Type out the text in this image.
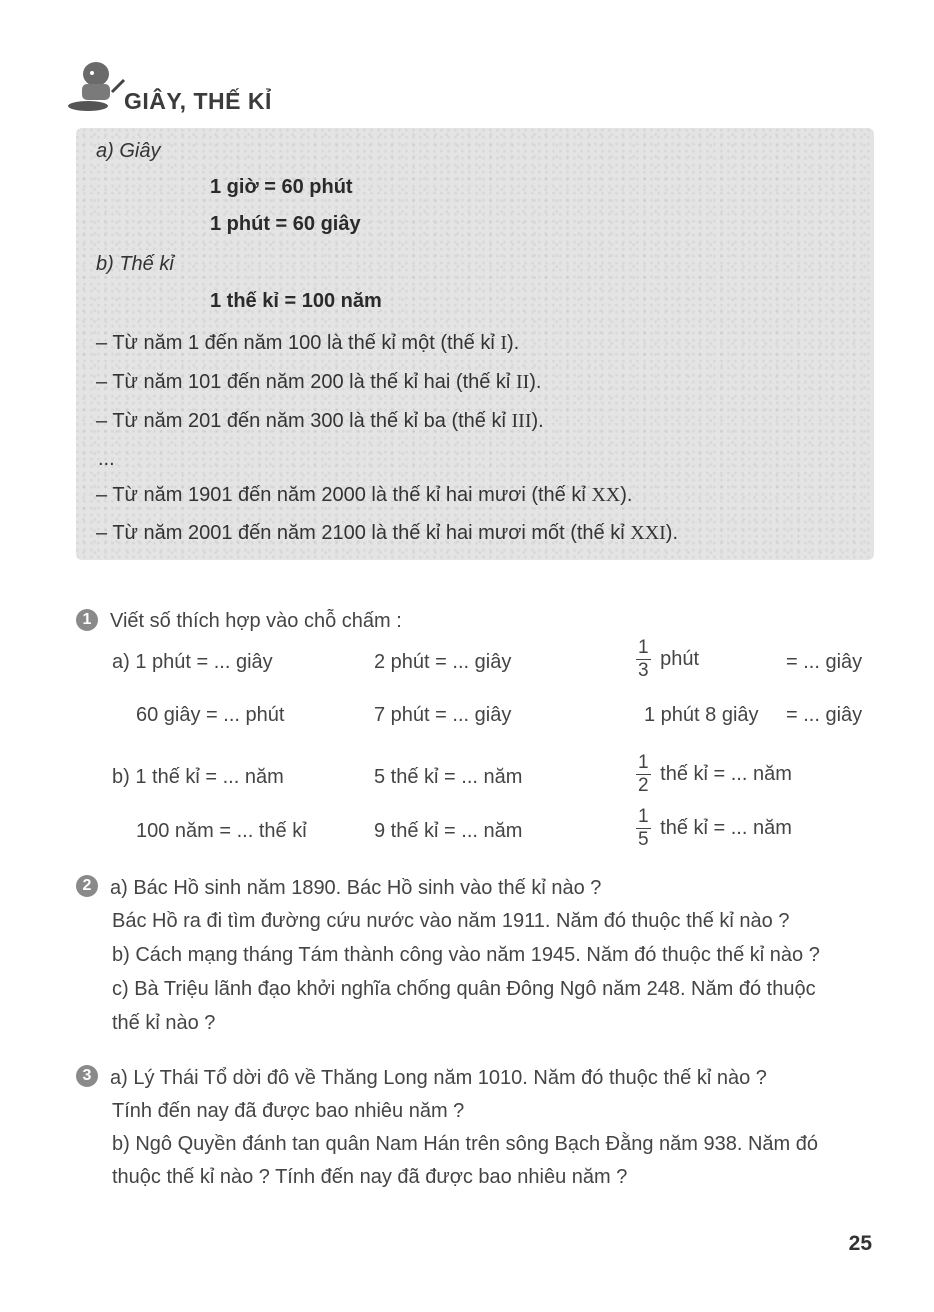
GIÂY, THẾ KỈ
a) Giây
1 giờ = 60 phút
1 phút = 60 giây
b) Thế kỉ
1 thế kỉ = 100 năm
– Từ năm 1 đến năm 100 là thế kỉ một (thế kỉ I).
– Từ năm 101 đến năm 200 là thế kỉ hai (thế kỉ II).
– Từ năm 201 đến năm 300 là thế kỉ ba (thế kỉ III).
...
– Từ năm 1901 đến năm 2000 là thế kỉ hai mươi (thế kỉ XX).
– Từ năm 2001 đến năm 2100 là thế kỉ hai mươi mốt (thế kỉ XXI).
1 Viết số thích hợp vào chỗ chấm :
a) 1 phút = ... giây	2 phút = ... giây	$\frac{1}{3}$ phút	= ... giây
60 giây = ... phút	7 phút = ... giây	1 phút 8 giây = ... giây
b) 1 thế kỉ = ... năm	5 thế kỉ = ... năm	$\frac{1}{2}$ thế kỉ = ... năm
100 năm = ... thế kỉ	9 thế kỉ = ... năm	$\frac{1}{5}$ thế kỉ = ... năm
2 a) Bác Hồ sinh năm 1890. Bác Hồ sinh vào thế kỉ nào ?
Bác Hồ ra đi tìm đường cứu nước vào năm 1911. Năm đó thuộc thế kỉ nào ?
b) Cách mạng tháng Tám thành công vào năm 1945. Năm đó thuộc thế kỉ nào ?
c) Bà Triệu lãnh đạo khởi nghĩa chống quân Đông Ngô năm 248. Năm đó thuộc
thế kỉ nào ?
3 a) Lý Thái Tổ dời đô về Thăng Long năm 1010. Năm đó thuộc thế kỉ nào ?
Tính đến nay đã được bao nhiêu năm ?
b) Ngô Quyền đánh tan quân Nam Hán trên sông Bạch Đằng năm 938. Năm đó
thuộc thế kỉ nào ? Tính đến nay đã được bao nhiêu năm ?
25
